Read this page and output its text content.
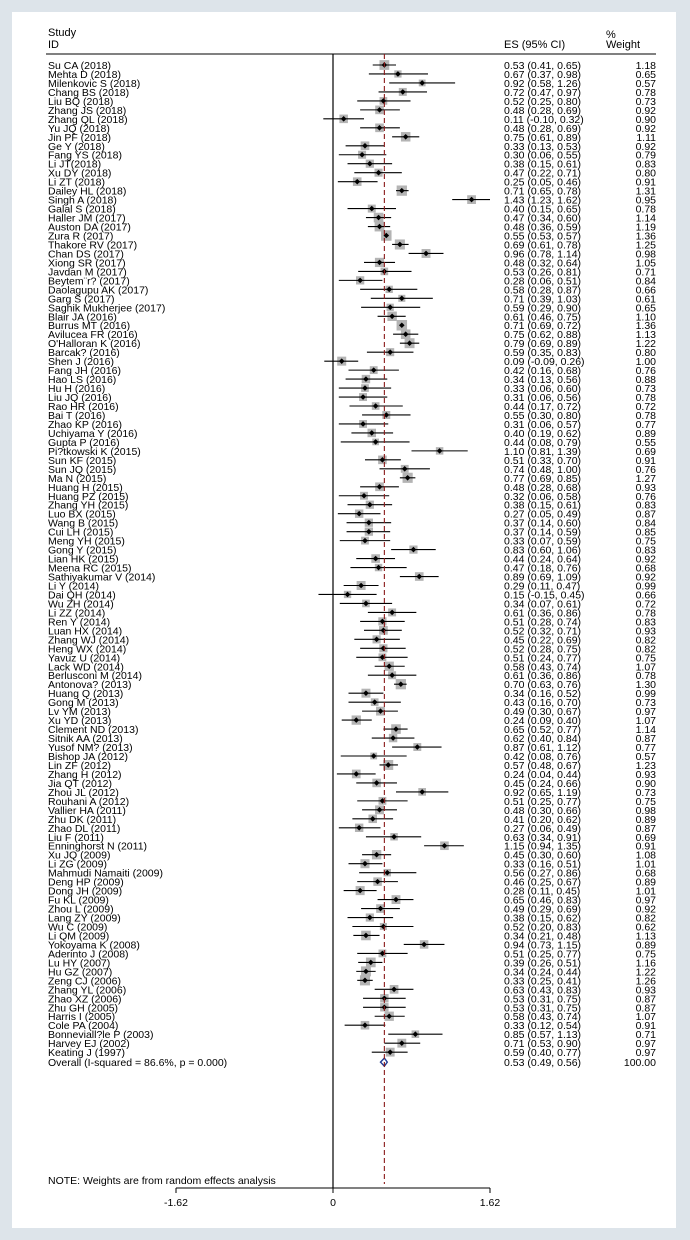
Study
ID	ES (95% CI)
%
Weight
Su CA (2018)	0.53 (0.41, 0.65)	1.18
Mehta D (2018)	0.67 (0.37, 0.98)	0.65
Milenkovic S (2018)	0.92 (0.58, 1.26)	0.57
Chang BS (2018)	0.72 (0.47, 0.97)	0.78
Liu BQ (2018)	0.52 (0.25, 0.80)	0.73
Zhang JS (2018)	0.48 (0.28, 0.69)	0.92
Zhang QL (2018)	0.11 (-0.10, 0.32)	0.90
Yu JQ (2018)	0.48 (0.28, 0.69)	0.92
Jin PF (2018)	0.75 (0.61, 0.89)	1.11
Ge Y (2018)	0.33 (0.13, 0.53)	0.92
Fang YS (2018)	0.30 (0.06, 0.55)	0.79
Li JT(2018)	0.38 (0.15, 0.61)	0.83
Xu DY (2018)	0.47 (0.22, 0.71)	0.80
Li ZT (2018)	0.25 (0.05, 0.46)	0.91
Dailey HL (2018)	0.71 (0.65, 0.78)	1.31
Singh A (2018)	1.43 (1.23, 1.62)	0.95
Galal S (2018)	0.40 (0.15, 0.65)	0.78
Haller JM (2017)	0.47 (0.34, 0.60)	1.14
Auston DA (2017)	0.48 (0.36, 0.59)	1.19
Zura R (2017)	0.55 (0.53, 0.57)	1.36
Thakore RV (2017)	0.69 (0.61, 0.78)	1.25
Chan DS (2017)	0.96 (0.78, 1.14)	0.98
Xiong SR (2017)	0.48 (0.32, 0.64)	1.05
Javdan M (2017)	0.53 (0.26, 0.81)	0.71
Beytem¨r? (2017)	0.28 (0.06, 0.51)	0.84
Daolagupu AK (2017)	0.58 (0.28, 0.87)	0.66
Garg S (2017)	0.71 (0.39, 1.03)	0.61
Saghik Mukherjee (2017)	0.59 (0.29, 0.90)	0.65
Blair JA (2016)	0.61 (0.46, 0.75)	1.10
Burrus MT (2016)	0.71 (0.69, 0.72)	1.36
Avilucea FR (2016)	0.75 (0.62, 0.88)	1.13
O'Halloran K (2016)	0.79 (0.69, 0.89)	1.22
Barcak? (2016)	0.59 (0.35, 0.83)	0.80
Shen J (2016)	0.09 (-0.09, 0.26)	1.00
Fang JH (2016)	0.42 (0.16, 0.68)	0.76
Hao LS (2016)	0.34 (0.13, 0.56)	0.88
Hu H (2016)	0.33 (0.06, 0.60)	0.73
Liu JQ (2016)	0.31 (0.06, 0.56)	0.78
Rao HR (2016)	0.44 (0.17, 0.72)	0.72
Bai T (2016)	0.55 (0.30, 0.80)	0.78
Zhao KP (2016)	0.31 (0.06, 0.57)	0.77
Uchiyama Y (2016)	0.40 (0.19, 0.62)	0.89
Gupta P (2016)	0.44 (0.08, 0.79)	0.55
Pi?tkowski K (2015)	1.10 (0.81, 1.39)	0.69
Sun KF (2015)	0.51 (0.33, 0.70)	0.91
Sun JQ (2015)	0.74 (0.48, 1.00)	0.76
Ma N (2015)	0.77 (0.69, 0.85)	1.27
Huang H (2015)	0.48 (0.28, 0.68)	0.93
Huang PZ (2015)	0.32 (0.06, 0.58)	0.76
Zhang YH (2015)	0.38 (0.15, 0.61)	0.83
Luo BX (2015)	0.27 (0.05, 0.49)	0.87
Wang B (2015)	0.37 (0.14, 0.60)	0.84
Cui LH (2015)	0.37 (0.14, 0.59)	0.85
Meng YH (2015)	0.33 (0.07, 0.59)	0.75
Gong Y (2015)	0.83 (0.60, 1.06)	0.83
Lian HK (2015)	0.44 (0.24, 0.64)	0.92
Meena RC (2015)	0.47 (0.18, 0.76)	0.68
Sathiyakumar V (2014)	0.89 (0.69, 1.09)	0.92
Li Y (2014)	0.29 (0.11, 0.47)	0.99
Dai QH (2014)	0.15 (-0.15, 0.45)	0.66
Wu ZH (2014)	0.34 (0.07, 0.61)	0.72
Li ZZ (2014)	0.61 (0.36, 0.86)	0.78
Ren Y (2014)	0.51 (0.28, 0.74)	0.83
Luan HX (2014)	0.52 (0.32, 0.71)	0.93
Zhang WJ (2014)	0.45 (0.22, 0.69)	0.82
Heng WX (2014)	0.52 (0.28, 0.75)	0.82
Yavuz U (2014)	0.51 (0.24, 0.77)	0.75
Lack WD (2014)	0.58 (0.43, 0.74)	1.07
Berlusconi M (2014)	0.61 (0.36, 0.86)	0.78
Antonova? (2013)	0.70 (0.63, 0.76)	1.30
Huang Q (2013)	0.34 (0.16, 0.52)	0.99
Gong M (2013)	0.43 (0.16, 0.70)	0.73
Lv YM (2013)	0.49 (0.30, 0.67)	0.97
Xu YD (2013)	0.24 (0.09, 0.40)	1.07
Clement ND (2013)	0.65 (0.52, 0.77)	1.14
Sitnik AA (2013)	0.62 (0.40, 0.84)	0.87
Yusof NM? (2013)	0.87 (0.61, 1.12)	0.77
Bishop JA (2012)	0.42 (0.08, 0.76)	0.57
Lin ZF (2012)	0.57 (0.48, 0.67)	1.23
Zhang H (2012)	0.24 (0.04, 0.44)	0.93
Jia QT (2012)	0.45 (0.24, 0.66)	0.90
Zhou JL (2012)	0.92 (0.65, 1.19)	0.73
Rouhani A (2012)	0.51 (0.25, 0.77)	0.75
Vallier HA (2011)	0.48 (0.30, 0.66)	0.98
Zhu DK (2011)	0.41 (0.20, 0.62)	0.89
Zhao DL (2011)	0.27 (0.06, 0.49)	0.87
Liu F (2011)	0.63 (0.34, 0.91)	0.69
Enninghorst N (2011)	1.15 (0.94, 1.35)	0.91
Xu JQ (2009)	0.45 (0.30, 0.60)	1.08
Li ZG (2009)	0.33 (0.16, 0.51)	1.01
Mahmudi Namaiti (2009)	0.56 (0.27, 0.86)	0.68
Deng HP (2009)	0.46 (0.25, 0.67)	0.89
Dong JH (2009)	0.28 (0.11, 0.45)	1.01
Fu KL (2009)	0.65 (0.46, 0.83)	0.97
Zhou L (2009)	0.49 (0.29, 0.69)	0.92
Lang ZY (2009)	0.38 (0.15, 0.62)	0.82
Wu C (2009)	0.52 (0.20, 0.83)	0.62
Li QM (2009)	0.34 (0.21, 0.48)	1.13
Yokoyama K (2008)	0.94 (0.73, 1.15)	0.89
Aderinto J (2008)	0.51 (0.25, 0.77)	0.75
Lu HY (2007)	0.39 (0.26, 0.51)	1.16
Hu GZ (2007)	0.34 (0.24, 0.44)	1.22
Zeng CJ (2006)	0.33 (0.25, 0.41)	1.26
Zhang YL (2006)	0.63 (0.43, 0.83)	0.93
Zhao XZ (2006)	0.53 (0.31, 0.75)	0.87
Zhu GH (2005)	0.53 (0.31, 0.75)	0.87
Harris I (2005)	0.58 (0.43, 0.74)	1.07
Cole PA (2004)	0.33 (0.12, 0.54)	0.91
Bonneviall?le P (2003)	0.85 (0.57, 1.13)	0.71
Harvey EJ (2002)	0.71 (0.53, 0.90)	0.97
Keating J (1997)	0.59 (0.40, 0.77)	0.97
Overall (I-squared = 86.6%, p = 0.000)	0.53 (0.49, 0.56)	100.00
-1.62	0	1.62
NOTE: Weights are from random effects analysis
